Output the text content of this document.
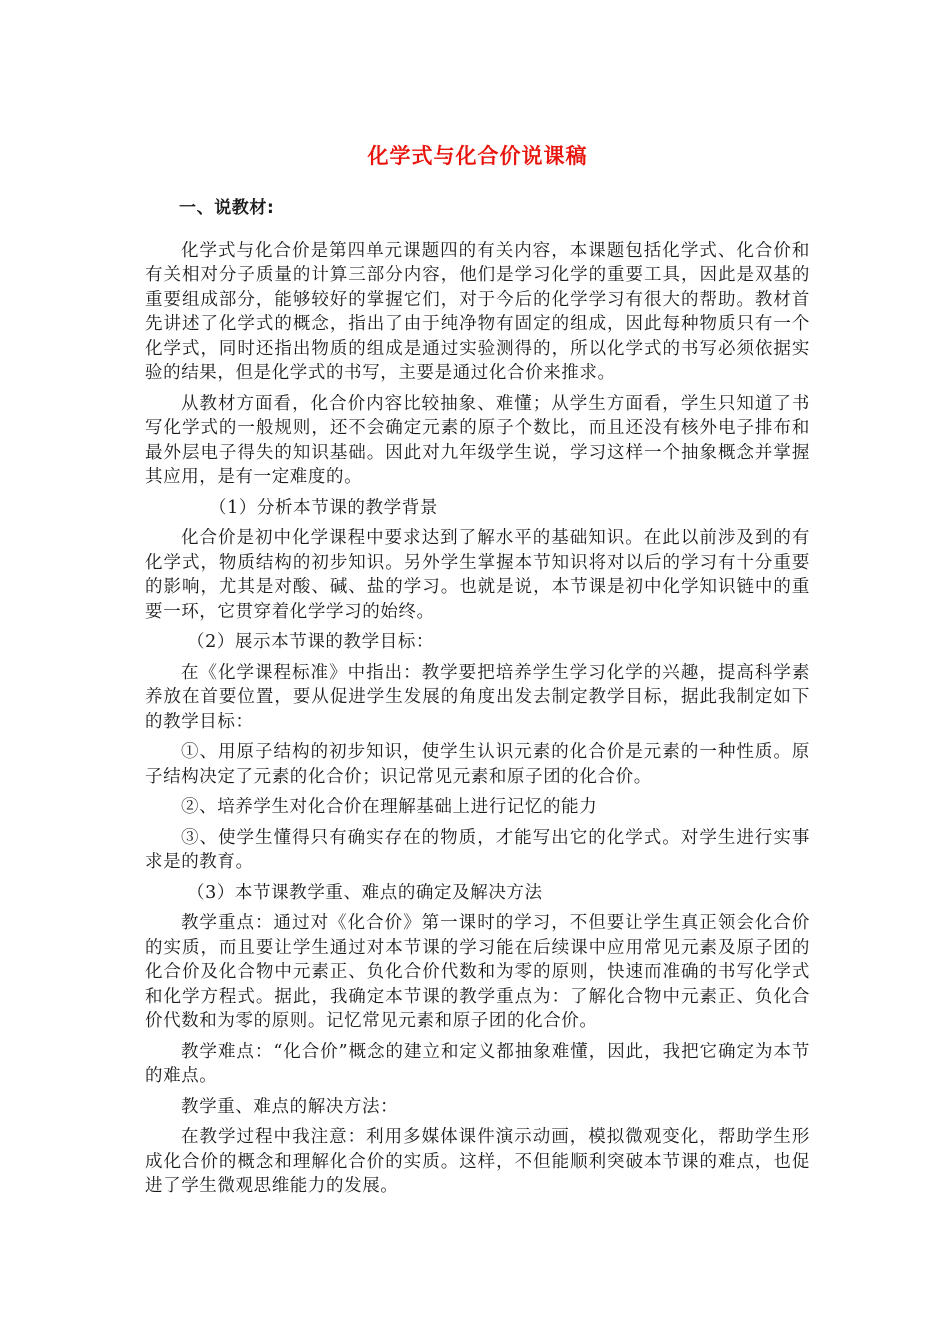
化学式与化合价说课稿
一、说教材:

化学式与化合价是第四单元课题四的有关内容，本课题包括化学式、化合价和有关相对分子质量的计算三部分内容，他们是学习化学的重要工具，因此是双基的重要组成部分，能够较好的掌握它们，对于今后的化学学习有很大的帮助。教材首先讲述了化学式的概念，指出了由于纯净物有固定的组成，因此每种物质只有一个化学式，同时还指出物质的组成是通过实验测得的，所以化学式的书写必须依据实验的结果，但是化学式的书写，主要是通过化合价来推求。

从教材方面看，化合价内容比较抽象、难懂；从学生方面看，学生只知道了书写化学式的一般规则，还不会确定元素的原子个数比，而且还没有核外电子排布和最外层电子得失的知识基础。因此对九年级学生说，学习这样一个抽象概念并掌握其应用，是有一定难度的。

（1）分析本节课的教学背景

化合价是初中化学课程中要求达到了解水平的基础知识。在此以前涉及到的有化学式，物质结构的初步知识。另外学生掌握本节知识将对以后的学习有十分重要的影响，尤其是对酸、碱、盐的学习。也就是说，本节课是初中化学知识链中的重要一环，它贯穿着化学学习的始终。

（2）展示本节课的教学目标：

在《化学课程标准》中指出：教学要把培养学生学习化学的兴趣，提高科学素养放在首要位置，要从促进学生发展的角度出发去制定教学目标，据此我制定如下的教学目标：

①、用原子结构的初步知识，使学生认识元素的化合价是元素的一种性质。原子结构决定了元素的化合价；识记常见元素和原子团的化合价。

②、培养学生对化合价在理解基础上进行记忆的能力

③、使学生懂得只有确实存在的物质，才能写出它的化学式。对学生进行实事求是的教育。

（3）本节课教学重、难点的确定及解决方法

教学重点：通过对《化合价》第一课时的学习，不但要让学生真正领会化合价的实质，而且要让学生通过对本节课的学习能在后续课中应用常见元素及原子团的化合价及化合物中元素正、负化合价代数和为零的原则，快速而准确的书写化学式和化学方程式。据此，我确定本节课的教学重点为：了解化合物中元素正、负化合价代数和为零的原则。记忆常见元素和原子团的化合价。

教学难点：“化合价”概念的建立和定义都抽象难懂，因此，我把它确定为本节的难点。

教学重、难点的解决方法：

在教学过程中我注意：利用多媒体课件演示动画，模拟微观变化，帮助学生形成化合价的概念和理解化合价的实质。这样，不但能顺利突破本节课的难点，也促进了学生微观思维能力的发展。
